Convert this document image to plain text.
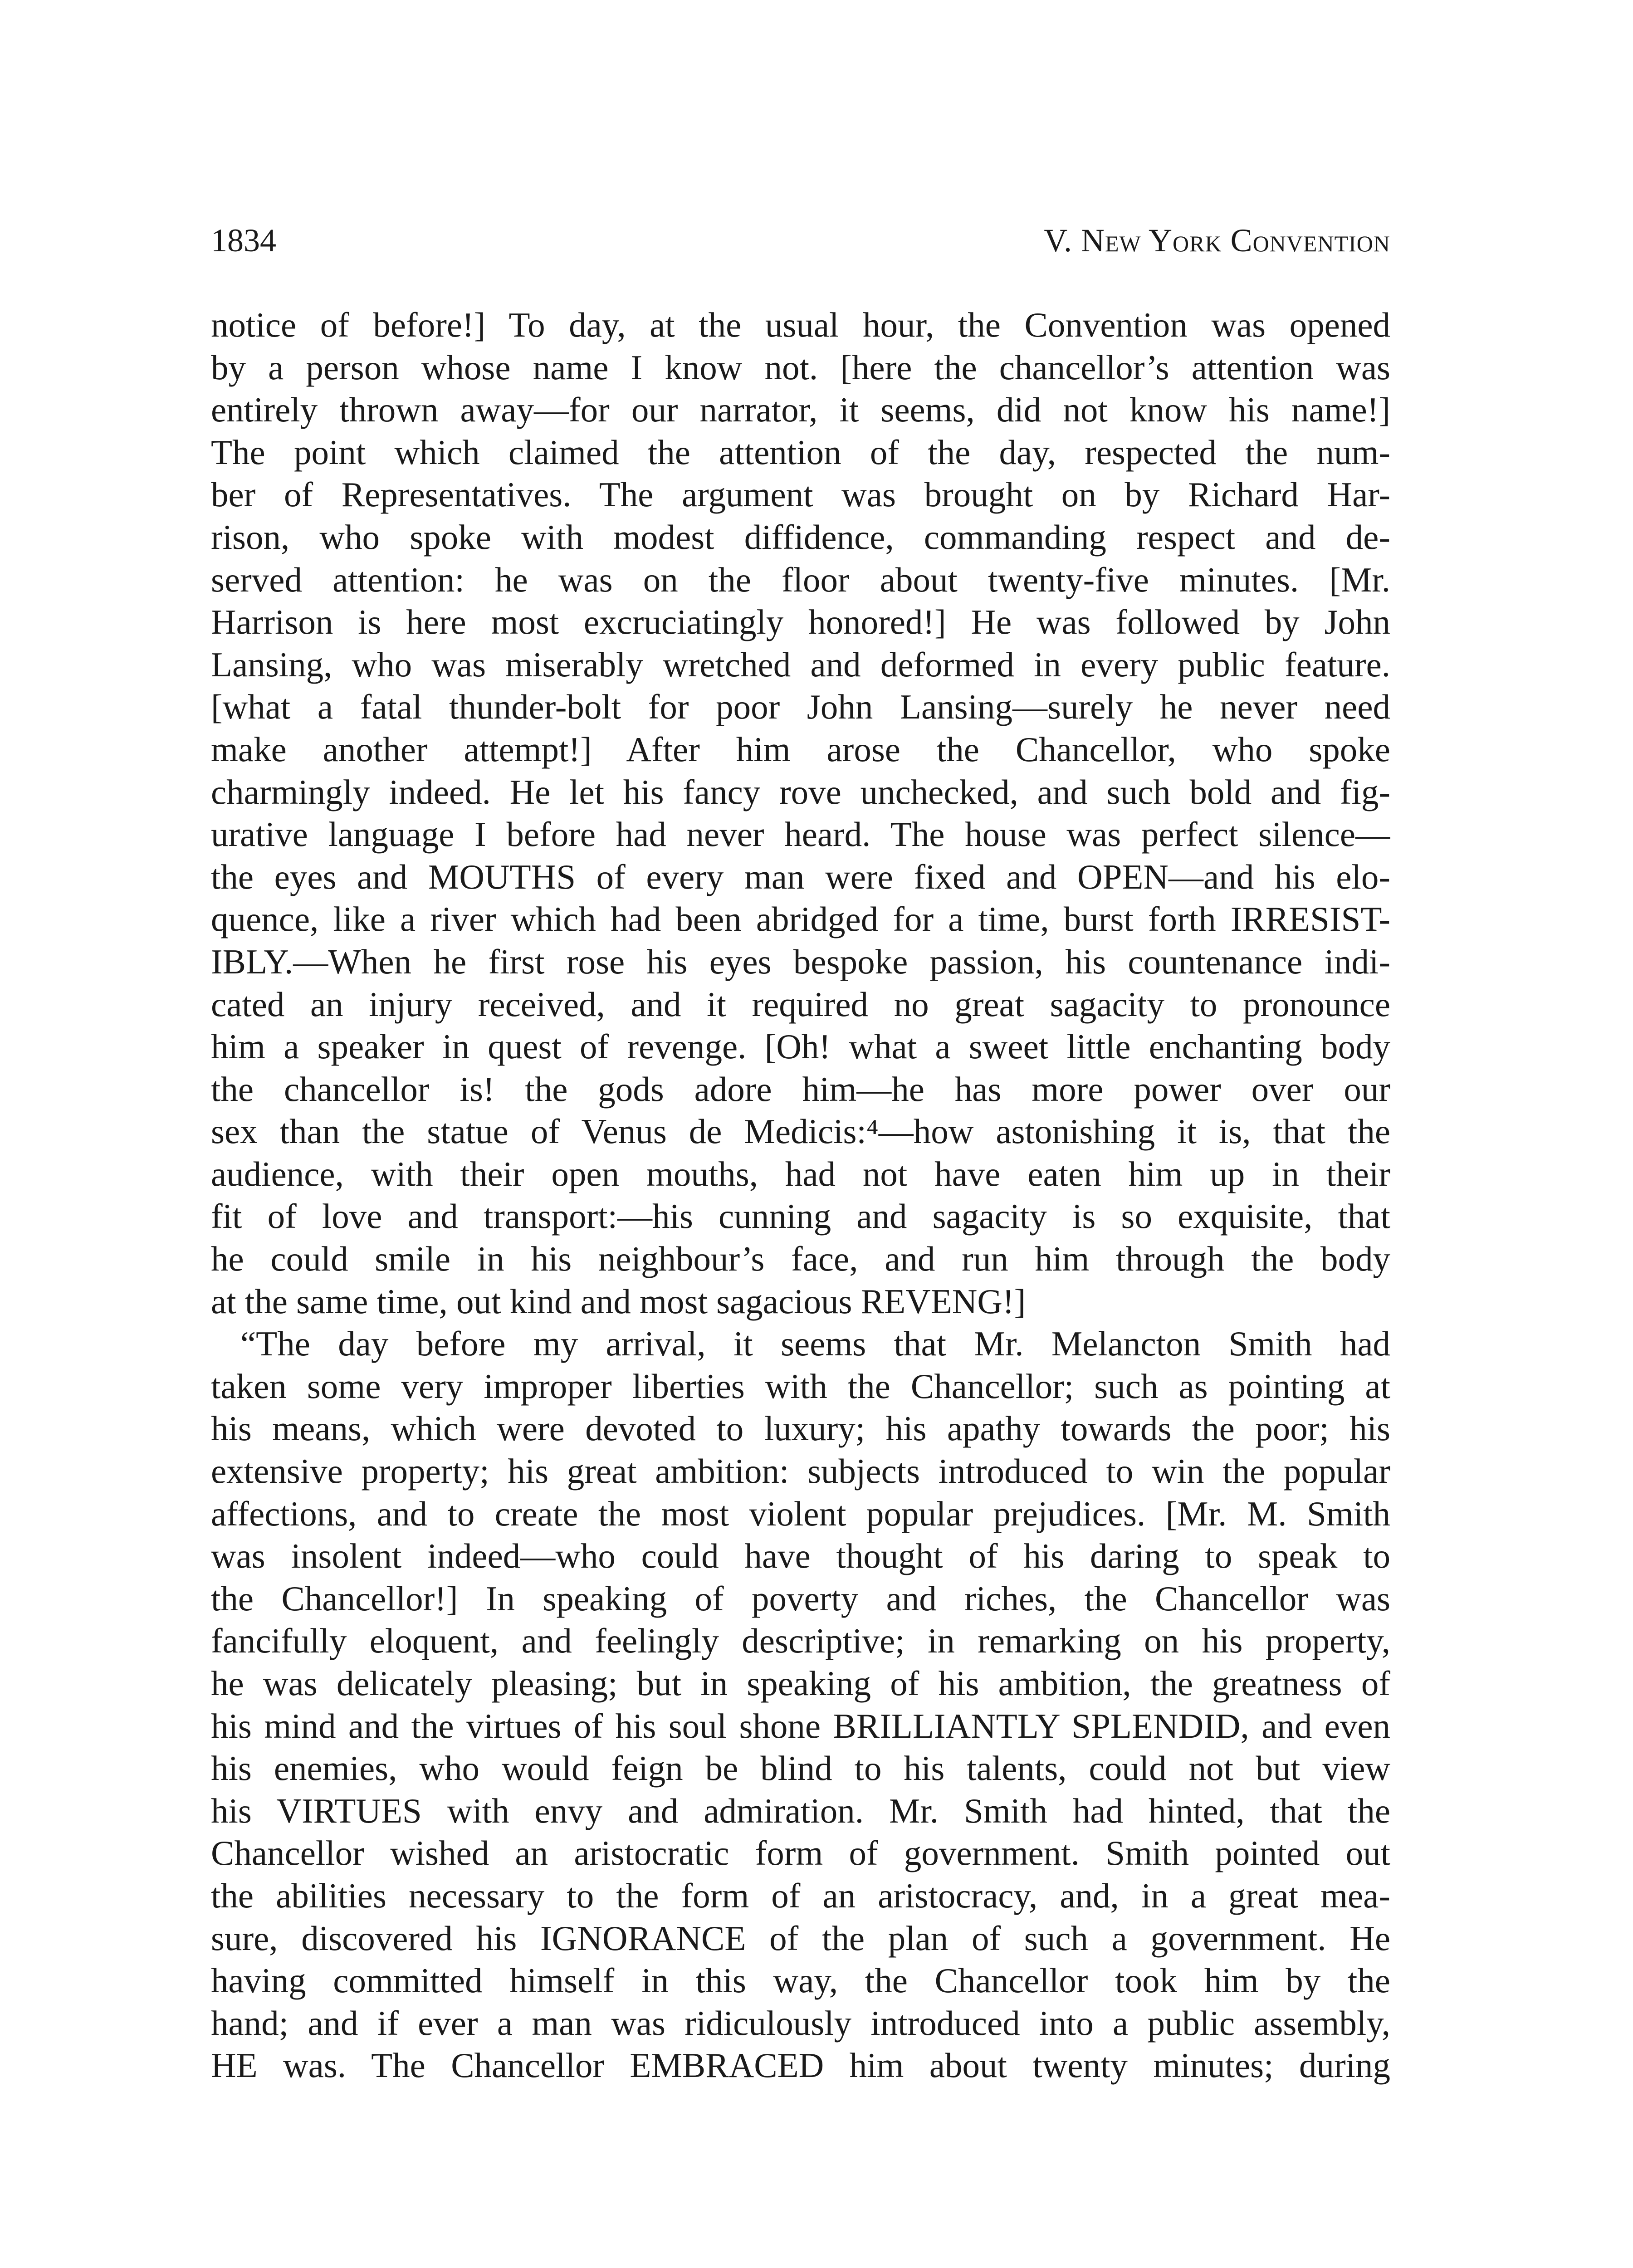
1834	V. New York Convention
notice of before!] To day, at the usual hour, the Convention was opened
by a person whose name I know not. [here the chancellor’s attention was
entirely thrown away—for our narrator, it seems, did not know his name!]
The point which claimed the attention of the day, respected the num-
ber of Representatives. The argument was brought on by Richard Har-
rison, who spoke with modest diffidence, commanding respect and de-
served attention: he was on the floor about twenty-five minutes. [Mr.
Harrison is here most excruciatingly honored!] He was followed by John
Lansing, who was miserably wretched and deformed in every public feature.
[what a fatal thunder-bolt for poor John Lansing—surely he never need
make another attempt!] After him arose the Chancellor, who spoke
charmingly indeed. He let his fancy rove unchecked, and such bold and fig-
urative language I before had never heard. The house was perfect silence—
the eyes and MOUTHS of every man were fixed and OPEN—and his elo-
quence, like a river which had been abridged for a time, burst forth IRRESIST-
IBLY.—When he first rose his eyes bespoke passion, his countenance indi-
cated an injury received, and it required no great sagacity to pronounce
him a speaker in quest of revenge. [Oh! what a sweet little enchanting body
the chancellor is! the gods adore him—he has more power over our
sex than the statue of Venus de Medicis:⁴—how astonishing it is, that the
audience, with their open mouths, had not have eaten him up in their
fit of love and transport:—his cunning and sagacity is so exquisite, that
he could smile in his neighbour’s face, and run him through the body
at the same time, out kind and most sagacious REVENG!]
“The day before my arrival, it seems that Mr. Melancton Smith had
taken some very improper liberties with the Chancellor; such as pointing at
his means, which were devoted to luxury; his apathy towards the poor; his
extensive property; his great ambition: subjects introduced to win the popular
affections, and to create the most violent popular prejudices. [Mr. M. Smith
was insolent indeed—who could have thought of his daring to speak to
the Chancellor!] In speaking of poverty and riches, the Chancellor was
fancifully eloquent, and feelingly descriptive; in remarking on his property,
he was delicately pleasing; but in speaking of his ambition, the greatness of
his mind and the virtues of his soul shone BRILLIANTLY SPLENDID, and even
his enemies, who would feign be blind to his talents, could not but view
his VIRTUES with envy and admiration. Mr. Smith had hinted, that the
Chancellor wished an aristocratic form of government. Smith pointed out
the abilities necessary to the form of an aristocracy, and, in a great mea-
sure, discovered his IGNORANCE of the plan of such a government. He
having committed himself in this way, the Chancellor took him by the
hand; and if ever a man was ridiculously introduced into a public assembly,
HE was. The Chancellor EMBRACED him about twenty minutes; during
